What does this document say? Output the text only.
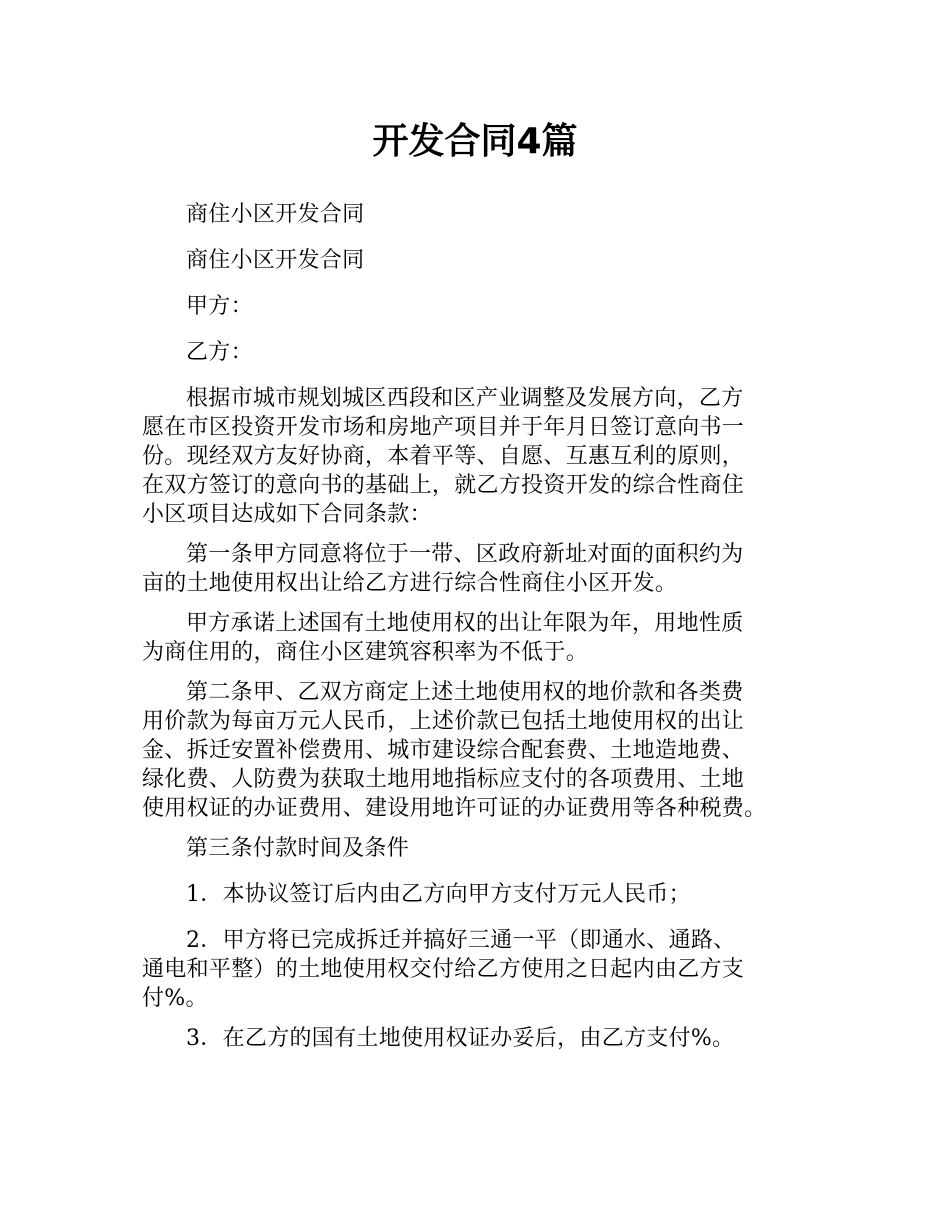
开发合同4篇

商住小区开发合同

商住小区开发合同

甲方：

乙方：

根据市城市规划城区西段和区产业调整及发展方向，乙方
愿在市区投资开发市场和房地产项目并于年月日签订意向书一
份。现经双方友好协商，本着平等、自愿、互惠互利的原则，
在双方签订的意向书的基础上，就乙方投资开发的综合性商住
小区项目达成如下合同条款：

第一条甲方同意将位于一带、区政府新址对面的面积约为
亩的土地使用权出让给乙方进行综合性商住小区开发。

甲方承诺上述国有土地使用权的出让年限为年，用地性质
为商住用的，商住小区建筑容积率为不低于。

第二条甲、乙双方商定上述土地使用权的地价款和各类费
用价款为每亩万元人民币，上述价款已包括土地使用权的出让
金、拆迁安置补偿费用、城市建设综合配套费、土地造地费、
绿化费、人防费为获取土地用地指标应支付的各项费用、土地
使用权证的办证费用、建设用地许可证的办证费用等各种税费。

第三条付款时间及条件

1．本协议签订后内由乙方向甲方支付万元人民币；

2．甲方将已完成拆迁并搞好三通一平（即通水、通路、
通电和平整）的土地使用权交付给乙方使用之日起内由乙方支
付%。

3．在乙方的国有土地使用权证办妥后，由乙方支付%。
